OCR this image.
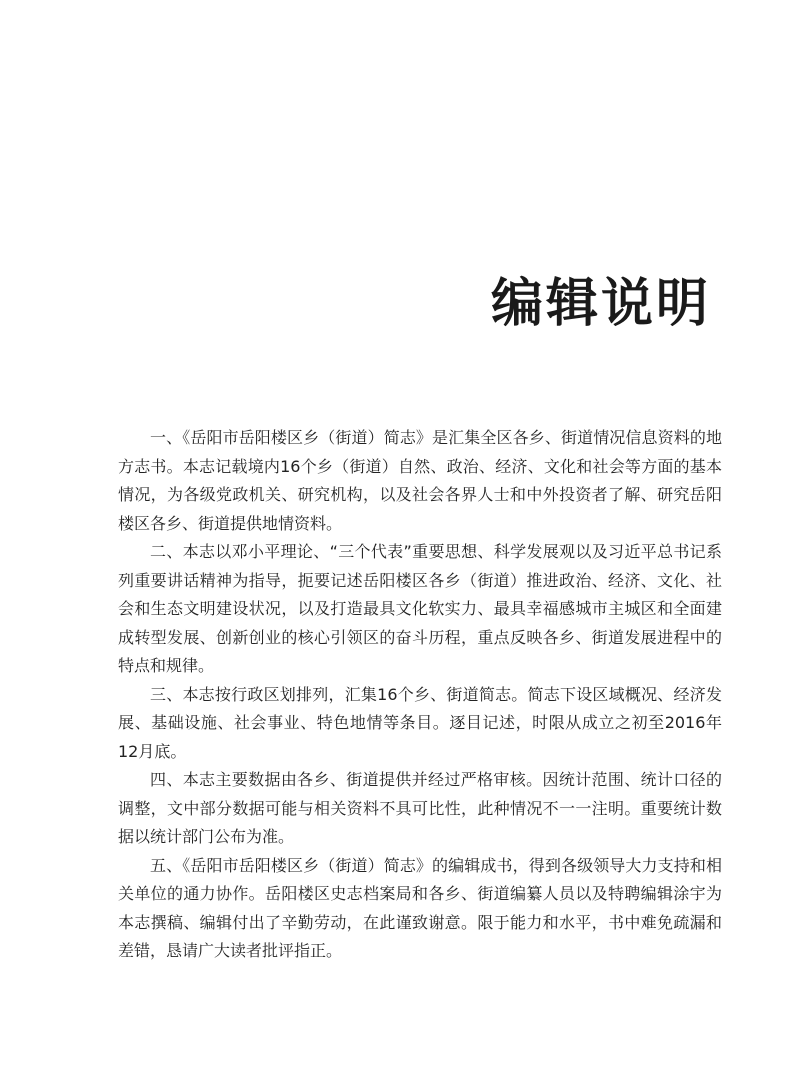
编辑说明

一、《岳阳市岳阳楼区乡（街道）简志》是汇集全区各乡、街道情况信息资料的地方志书。本志记载境内16个乡（街道）自然、政治、经济、文化和社会等方面的基本情况，为各级党政机关、研究机构，以及社会各界人士和中外投资者了解、研究岳阳楼区各乡、街道提供地情资料。

二、本志以邓小平理论、“三个代表”重要思想、科学发展观以及习近平总书记系列重要讲话精神为指导，扼要记述岳阳楼区各乡（街道）推进政治、经济、文化、社会和生态文明建设状况，以及打造最具文化软实力、最具幸福感城市主城区和全面建成转型发展、创新创业的核心引领区的奋斗历程，重点反映各乡、街道发展进程中的特点和规律。

三、本志按行政区划排列，汇集16个乡、街道简志。简志下设区域概况、经济发展、基础设施、社会事业、特色地情等条目。逐目记述，时限从成立之初至2016年12月底。

四、本志主要数据由各乡、街道提供并经过严格审核。因统计范围、统计口径的调整，文中部分数据可能与相关资料不具可比性，此种情况不一一注明。重要统计数据以统计部门公布为准。

五、《岳阳市岳阳楼区乡（街道）简志》的编辑成书，得到各级领导大力支持和相关单位的通力协作。岳阳楼区史志档案局和各乡、街道编纂人员以及特聘编辑涂宇为本志撰稿、编辑付出了辛勤劳动，在此谨致谢意。限于能力和水平，书中难免疏漏和差错，恳请广大读者批评指正。
